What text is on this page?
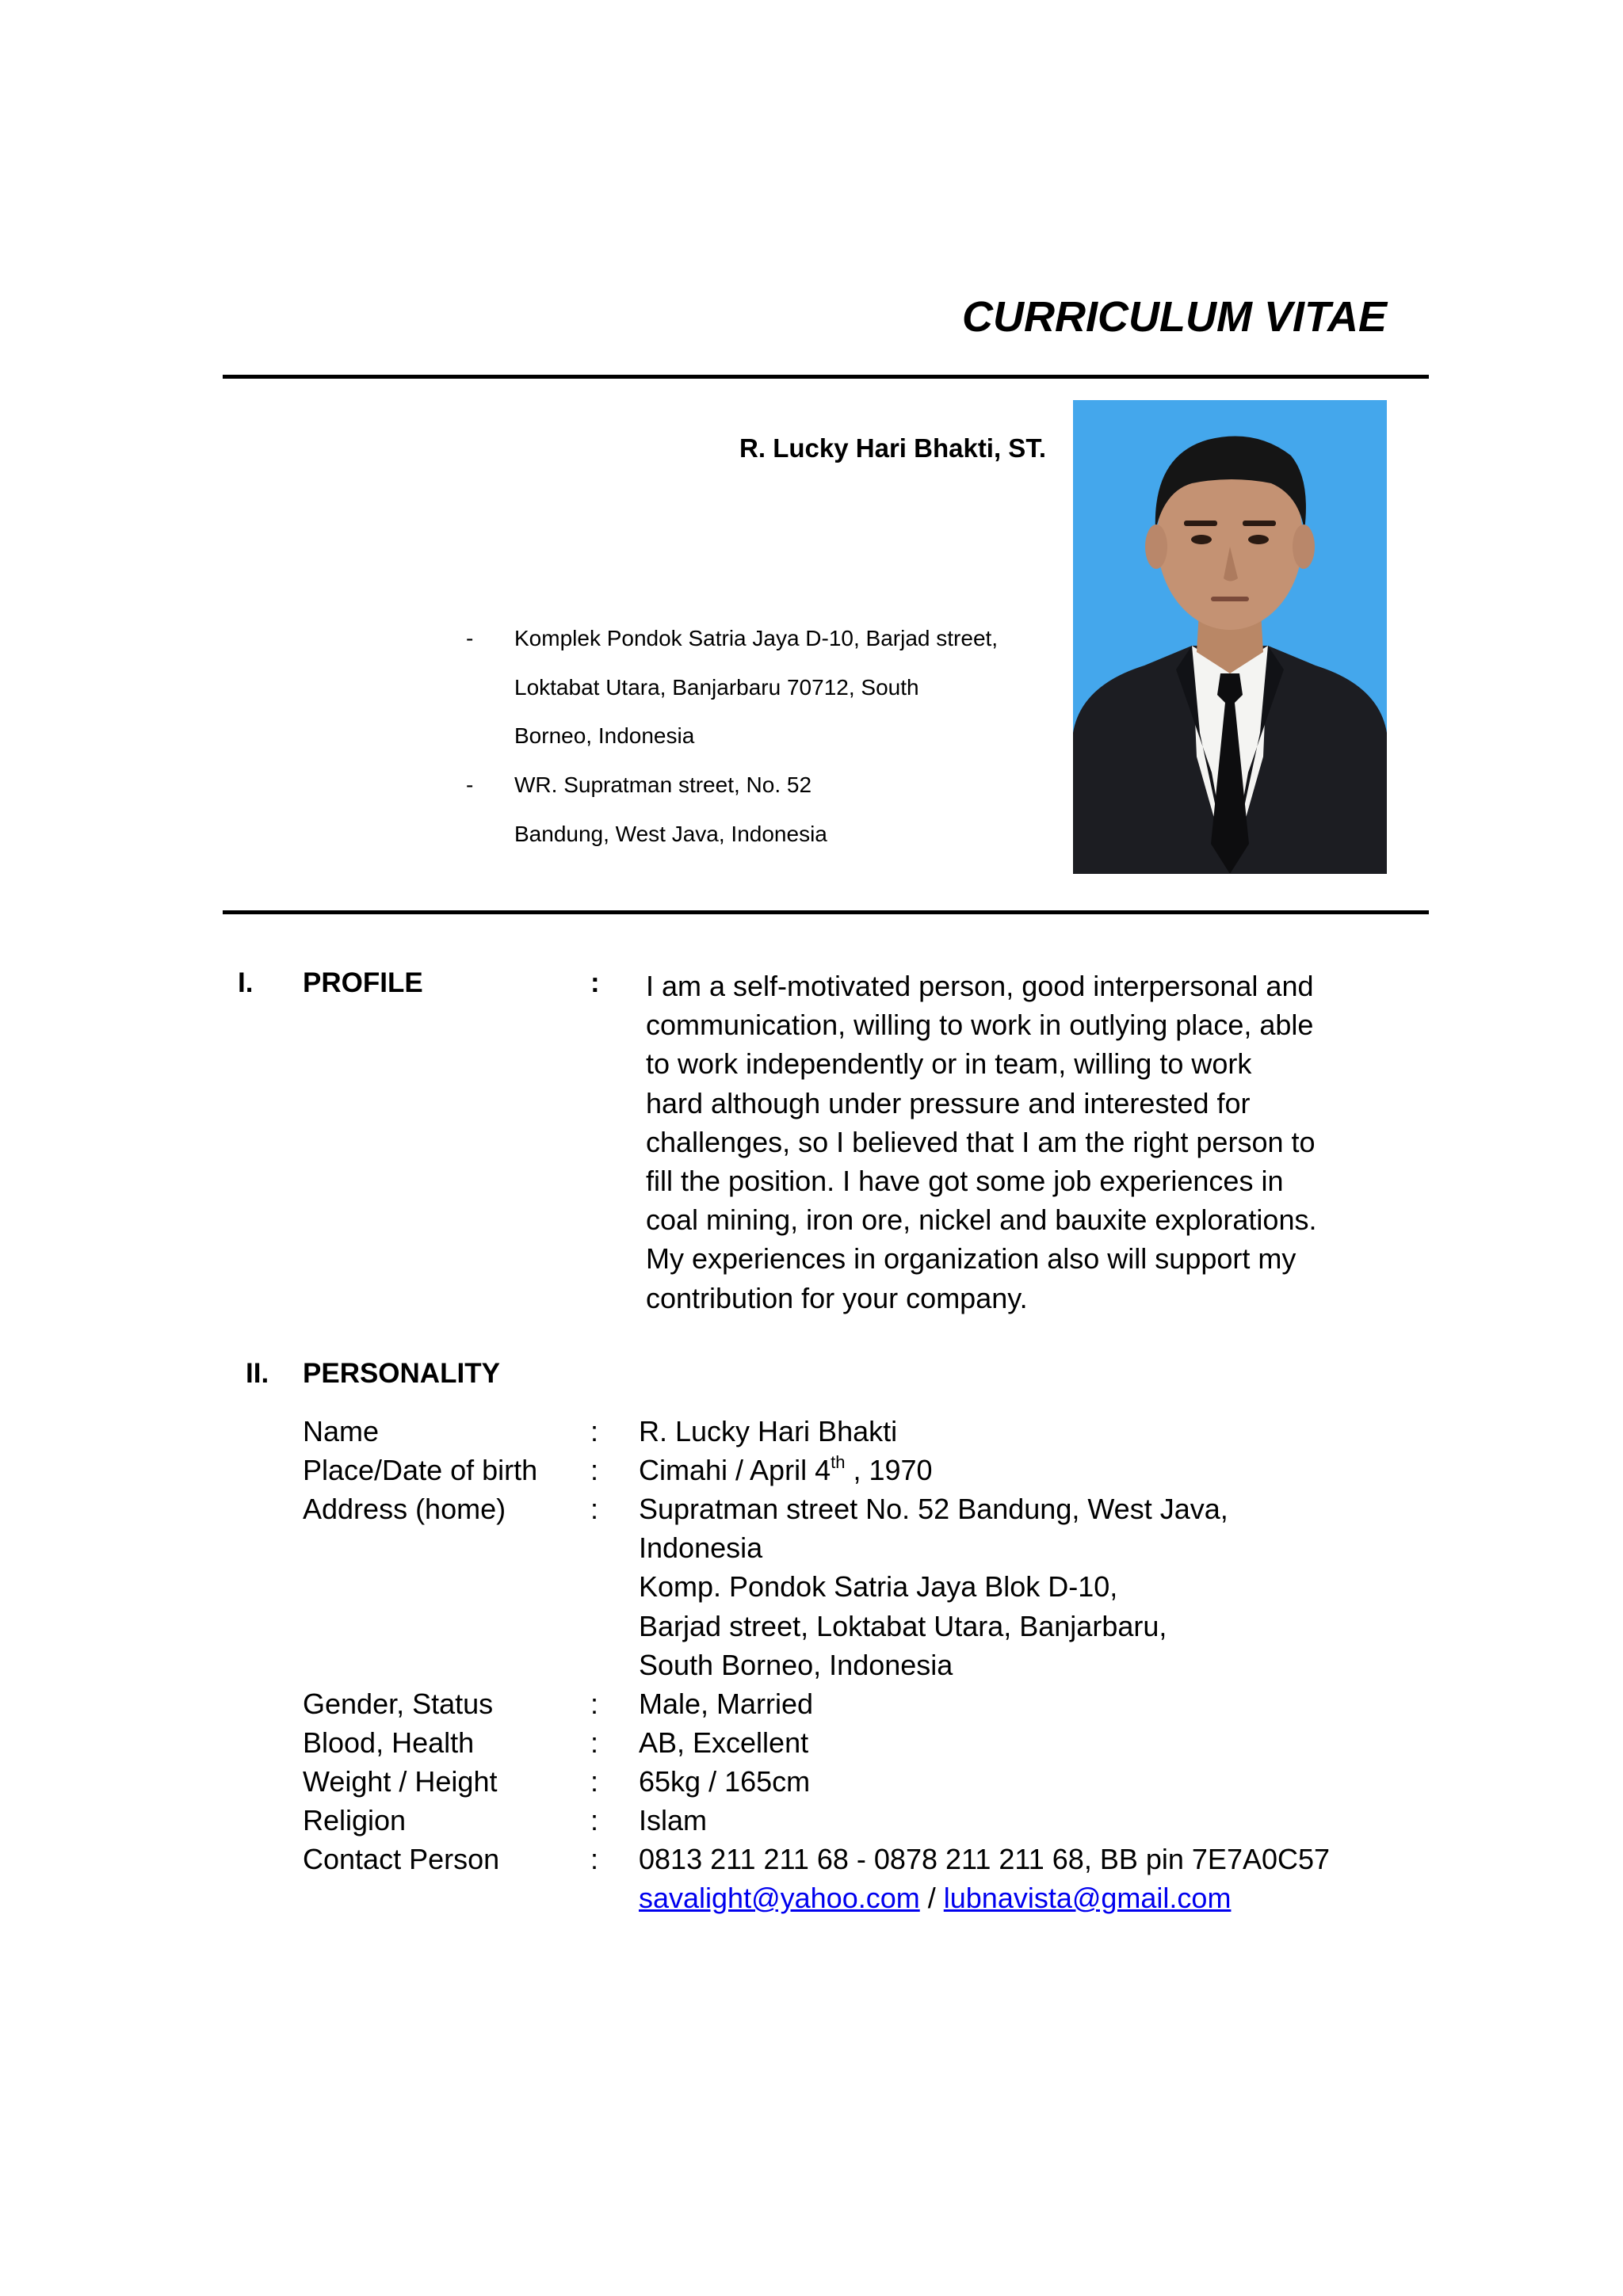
CURRICULUM VITAE
R. Lucky Hari Bhakti, ST.
-	Komplek Pondok Satria Jaya D-10, Barjad street,
Loktabat Utara, Banjarbaru 70712, South
Borneo, Indonesia
-	WR. Supratman street, No. 52
Bandung, West Java, Indonesia
I. PROFILE	: I am a self-motivated person, good interpersonal and
communication, willing to work in outlying place, able
to work independently or in team, willing to work
hard although under pressure and interested for
challenges, so I believed that I am the right person to
fill the position. I have got some job experiences in
coal mining, iron ore, nickel and bauxite explorations.
My experiences in organization also will support my
contribution for your company.
II. PERSONALITY
Name	: R. Lucky Hari Bhakti
Place/Date of birth : Cimahi / April 4th , 1970
Address (home)	: Supratman street No. 52 Bandung, West Java,
Indonesia
Komp. Pondok Satria Jaya Blok D-10,
Barjad street, Loktabat Utara, Banjarbaru,
South Borneo, Indonesia
Gender, Status	: Male, Married
Blood, Health	: AB, Excellent
Weight / Height	: 65kg / 165cm
Religion	: Islam
Contact Person	: 0813 211 211 68 - 0878 211 211 68, BB pin 7E7A0C57
savalight@yahoo.com / lubnavista@gmail.com
